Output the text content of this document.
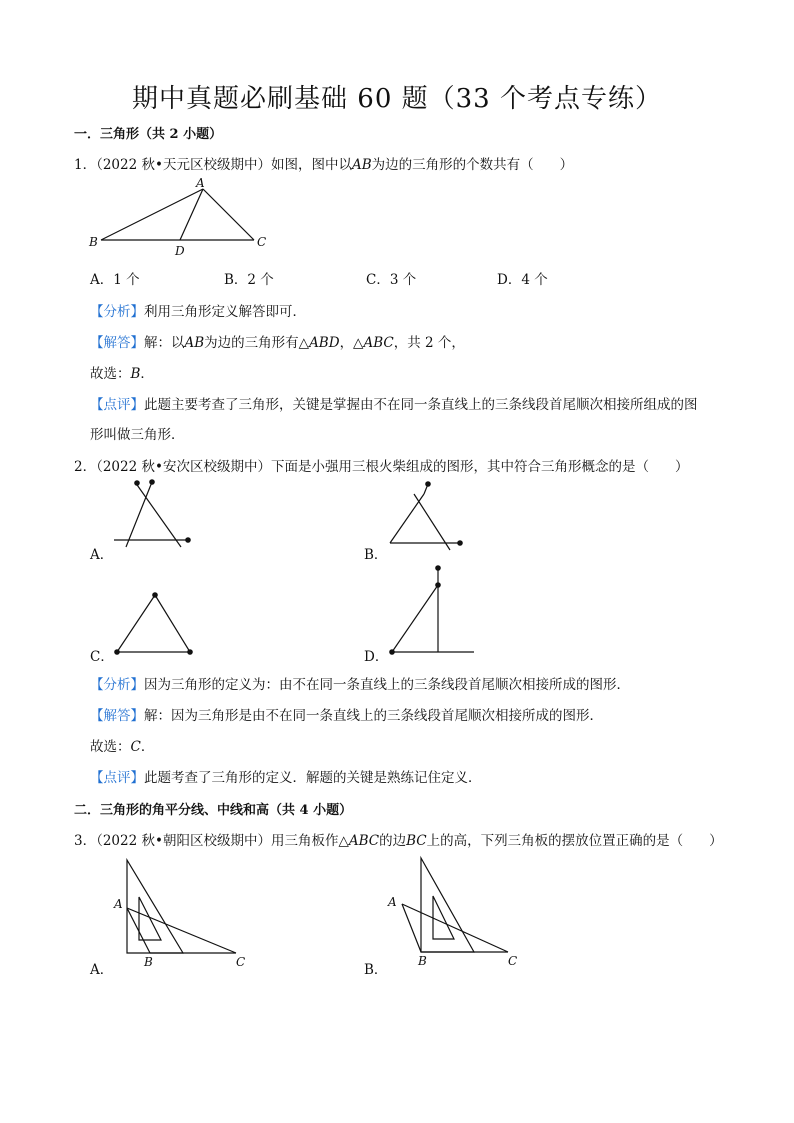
期中真题必刷基础 60 题（33 个考点专练）
一．三角形（共 2 小题）
1．（2022 秋•天元区校级期中）如图，图中以AB为边的三角形的个数共有（ ）
A
B	C
D
A．1 个	B．2 个	C．3 个	D．4 个
【分析】利用三角形定义解答即可．
【解答】解：以AB为边的三角形有△ABD，△ABC，共 2 个，
故选：B．
【点评】此题主要考查了三角形，关键是掌握由不在同一条直线上的三条线段首尾顺次相接所组成的图
形叫做三角形．
2．（2022 秋•安次区校级期中）下面是小强用三根火柴组成的图形，其中符合三角形概念的是（ ）
A．	B．
C．	D．
【分析】因为三角形的定义为：由不在同一条直线上的三条线段首尾顺次相接所成的图形．
【解答】解：因为三角形是由不在同一条直线上的三条线段首尾顺次相接所成的图形．
故选：C．
【点评】此题考查了三角形的定义．解题的关键是熟练记住定义．
二．三角形的角平分线、中线和高（共 4 小题）
3．（2022 秋•朝阳区校级期中）用三角板作△ABC的边BC上的高，下列三角板的摆放位置正确的是（ ）
A
B	C
A．
A
B	C
B．
